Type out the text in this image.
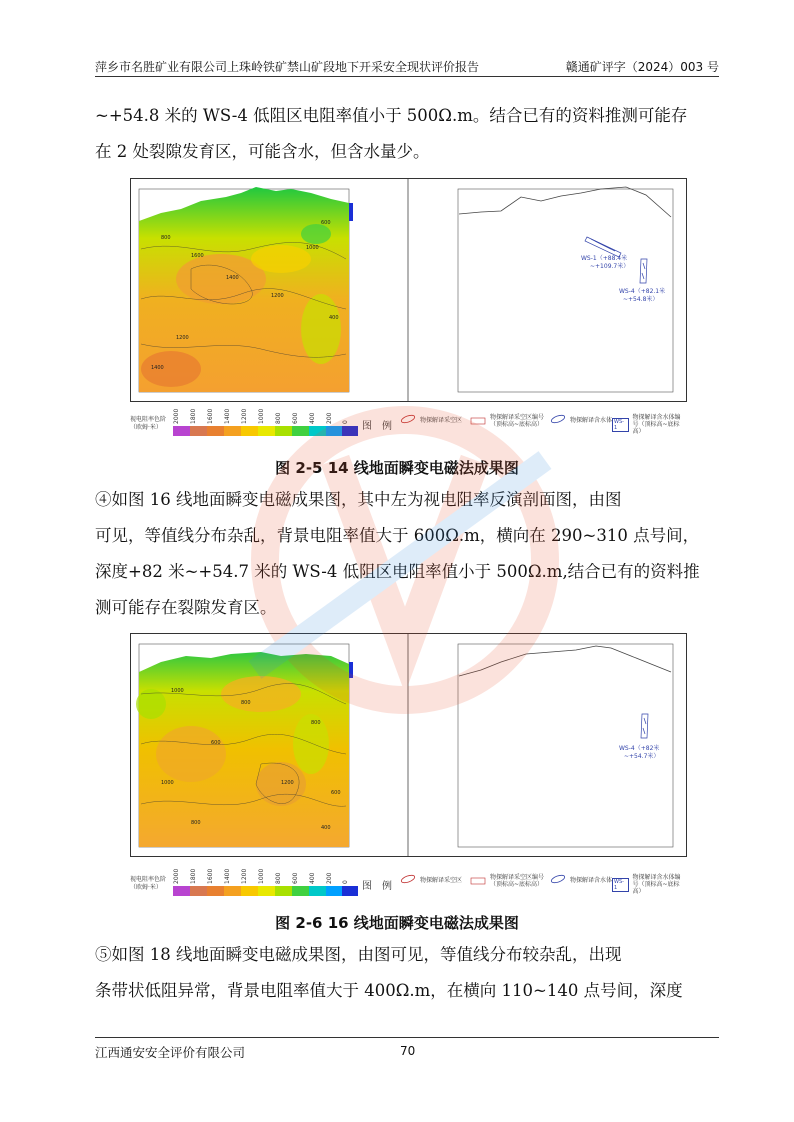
萍乡市名胜矿业有限公司上珠岭铁矿禁山矿段地下开采安全现状评价报告	赣通矿评字（2024）003 号
~+54.8 米的 WS-4 低阻区电阻率值小于 500Ω.m。结合已有的资料推测可能存
在 2 处裂隙发育区，可能含水，但含水量少。
1600
1400
1200
1000
800
600
400
1200
1400
WS-1（+88.4米
~+109.7米）
WS-4（+82.1米
~+54.8米）
视电阻率色阶（欧姆·米）
2000 1800 1600 1400 1200 1000 800 600 400 200 0 图　例
物探解译采空区	物探解译采空区编号（顶标高~底标高）
物探解译含水体 WS-1
物探解译含水体编号（顶标高~底标高）
图 2-5 14 线地面瞬变电磁法成果图
④如图 16 线地面瞬变电磁成果图，其中左为视电阻率反演剖面图，由图
可见，等值线分布杂乱，背景电阻率值大于 600Ω.m，横向在 290~310 点号间，
深度+82 米~+54.7 米的 WS-4 低阻区电阻率值小于 500Ω.m,结合已有的资料推
测可能存在裂隙发育区。
1000
800
600
800
1000	1200
600
400
800
WS-4（+82米
~+54.7米）
视电阻率色阶（欧姆·米）
2000 1800 1600 1400 1200 1000 800 600 400 200 0 图　例
物探解译采空区	物探解译采空区编号（顶标高~底标高）
物探解译含水体 WS-1
物探解译含水体编号（顶标高~底标高）
图 2-6 16 线地面瞬变电磁法成果图
⑤如图 18 线地面瞬变电磁成果图，由图可见，等值线分布较杂乱，出现
条带状低阻异常，背景电阻率值大于 400Ω.m，在横向 110~140 点号间，深度
江西通安安全评价有限公司	70
